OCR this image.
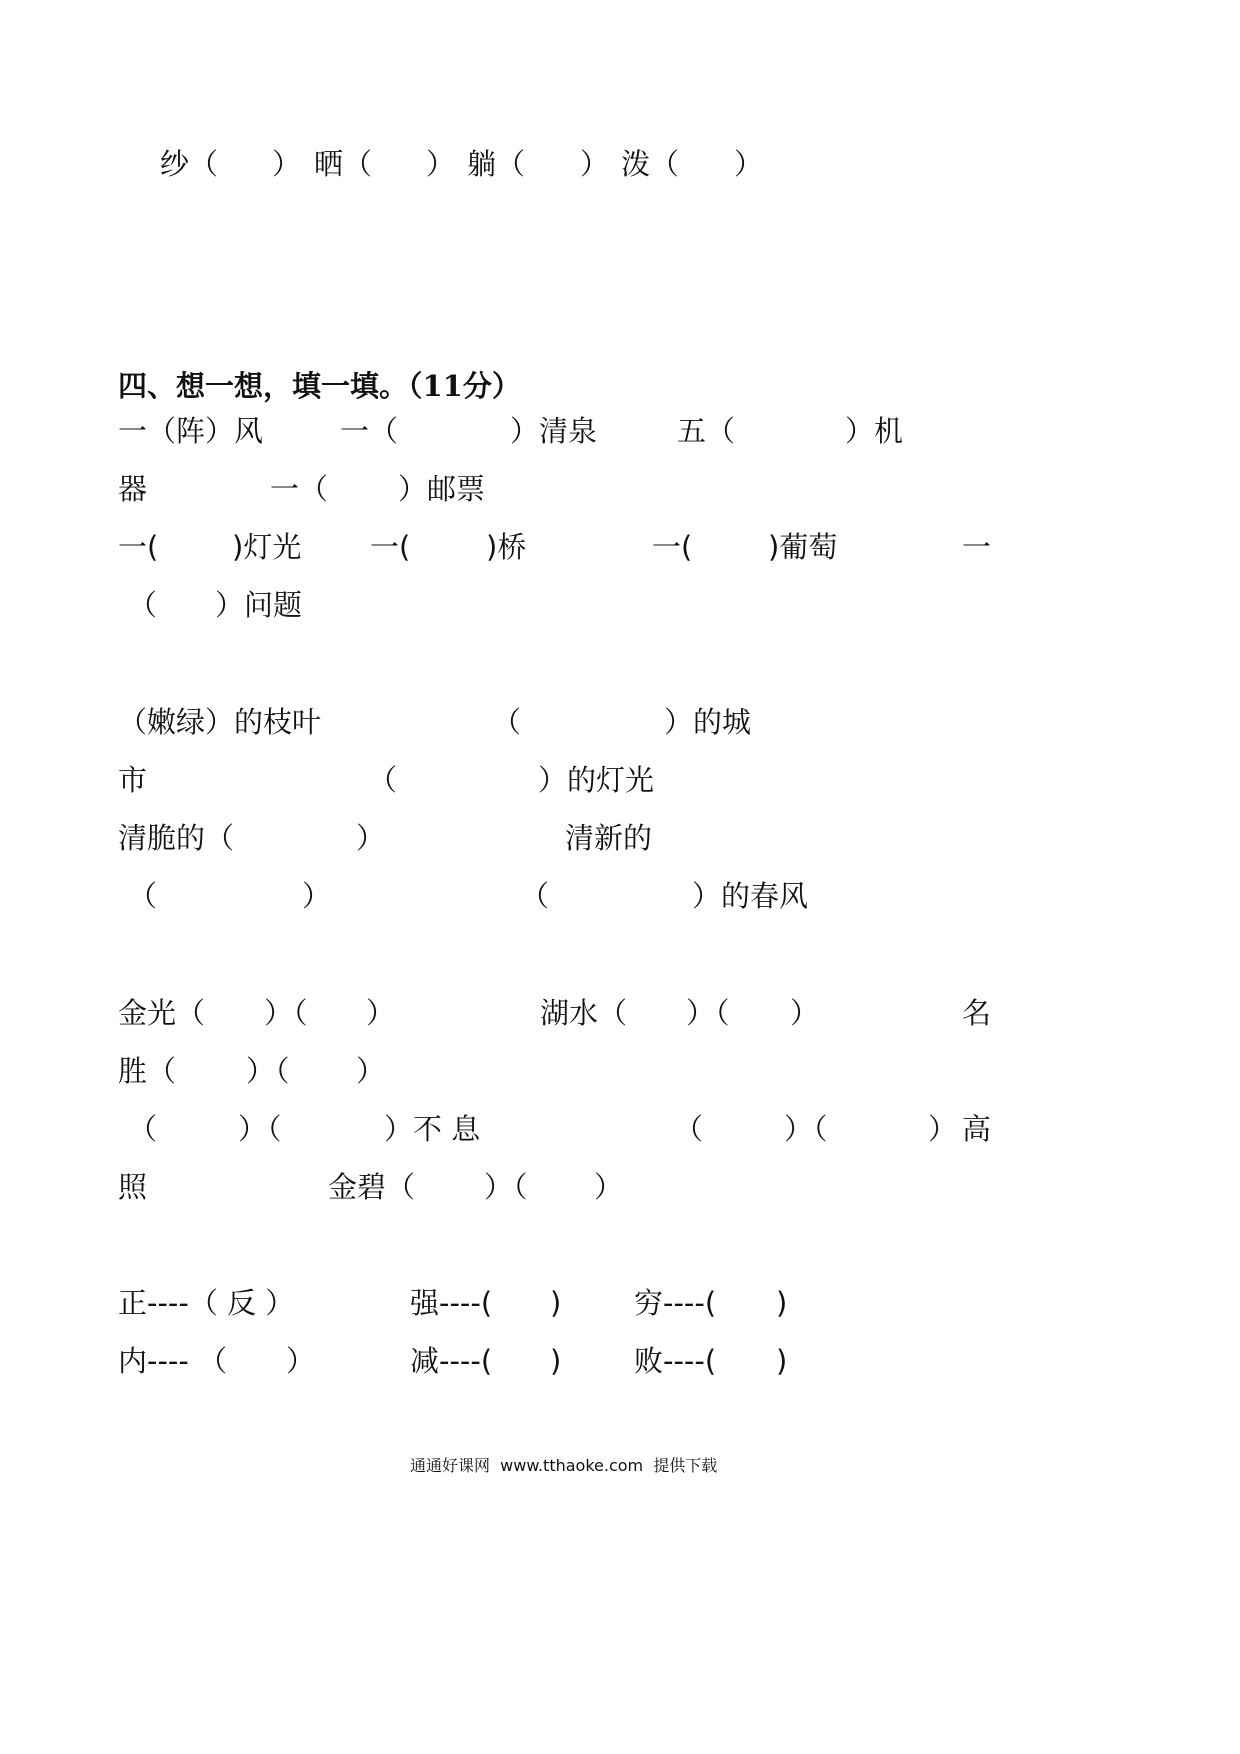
纱（ ） 晒（ ） 躺（ ） 泼（ ）
四、想一想，填一填。（11分）
一（阵）风	一（	）清泉	五（	）机
器	一（ ）邮票
一(	)灯光 一(	)桥	一(	)葡萄	一
（ ）问题
（嫩绿）的枝叶	（	）的城
市	（	）的灯光
清脆的（	）	清新的
（	）	（	）的春风
金光（ ）（ ）	湖水（ ）（ ）	名
胜（ ）（ ）
（	）（	）不 息	（	）（	） 高
照	金碧（ ）（ ）
正----（ 反 ）	强----( )	穷----( )
内---- （ ）	减----( )	败----( )
通通好课网  www.tthaoke.com  提供下载
